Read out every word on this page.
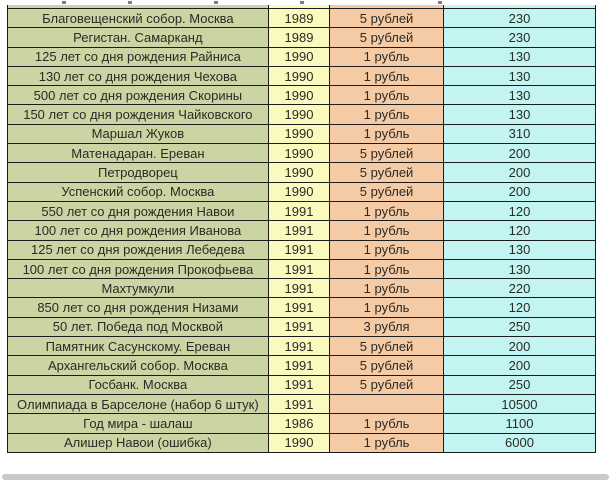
Благовещенский собор. Москва	1989	5 рублей	230
Регистан. Самарканд	1989	5 рублей	230
125 лет со дня рождения Райниса	1990	1 рубль	130
130 лет со дня рождения Чехова	1990	1 рубль	130
500 лет со дня рождения Скорины	1990	1 рубль	130
150 лет со дня рождения Чайковского	1990	1 рубль	130
Маршал Жуков	1990	1 рубль	310
Матенадаран. Ереван	1990	5 рублей	200
Петродворец	1990	5 рублей	200
Успенский собор. Москва	1990	5 рублей	200
550 лет со дня рождения Навои	1991	1 рубль	120
100 лет со дня рождения Иванова	1991	1 рубль	120
125 лет со дня рождения Лебедева	1991	1 рубль	130
100 лет со дня рождения Прокофьева	1991	1 рубль	130
Махтумкули	1991	1 рубль	220
850 лет со дня рождения Низами	1991	1 рубль	120
50 лет. Победа под Москвой	1991	3 рубля	250
Памятник Сасунскому. Ереван	1991	5 рублей	200
Архангельский собор. Москва	1991	5 рублей	200
Госбанк. Москва	1991	5 рублей	250
Олимпиада в Барселоне (набор 6 штук)	1991		10500
Год мира - шалаш	1986	1 рубль	1100
Алишер Навои (ошибка)	1990	1 рубль	6000
